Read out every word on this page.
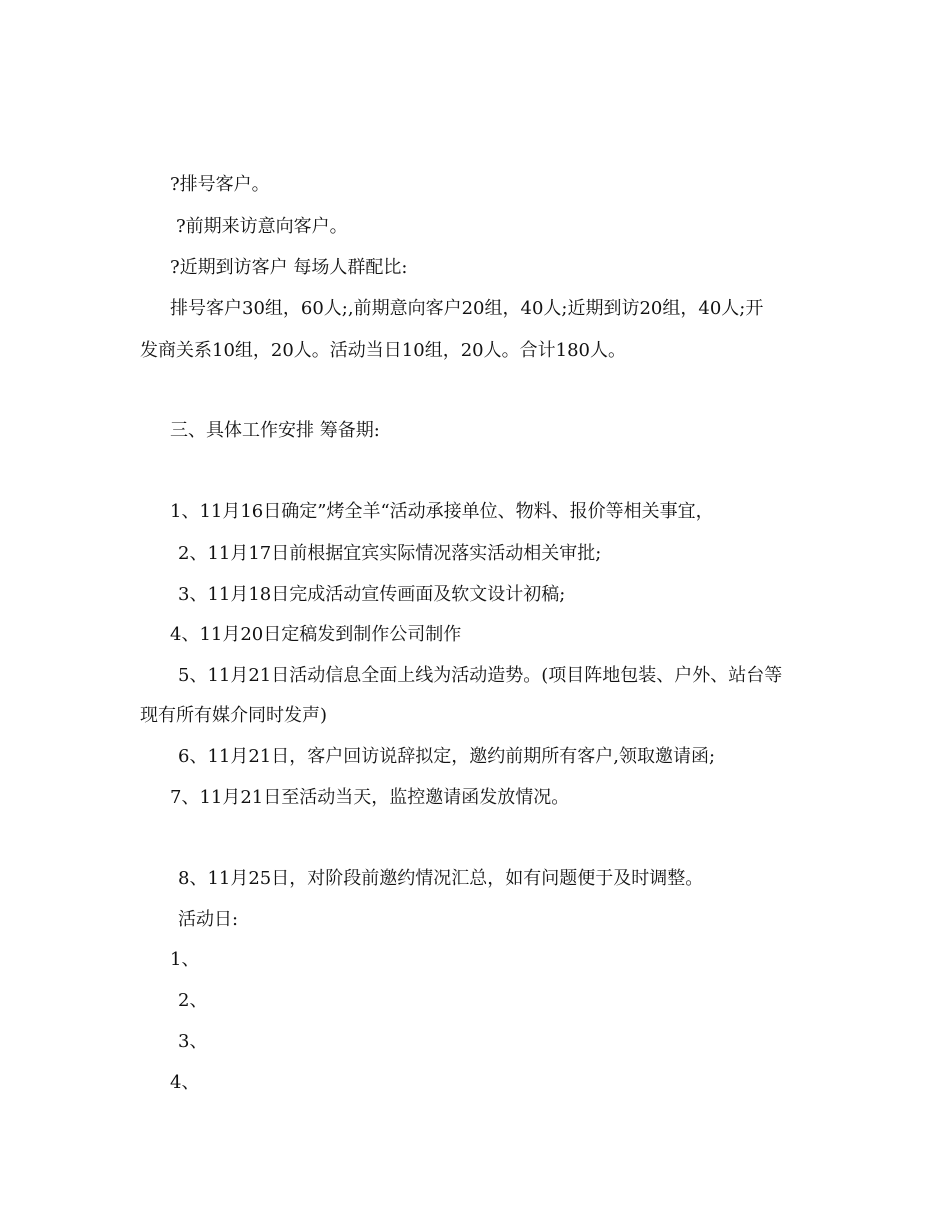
?排号客户。
?前期来访意向客户。
?近期到访客户 每场人群配比:
排号客户30组，60人;,前期意向客户20组，40人;近期到访20组，40人;开
发商关系10组，20人。活动当日10组，20人。合计180人。
三、具体工作安排 筹备期:
1、11月16日确定”烤全羊“活动承接单位、物料、报价等相关事宜，
2、11月17日前根据宜宾实际情况落实活动相关审批;
3、11月18日完成活动宣传画面及软文设计初稿;
4、11月20日定稿发到制作公司制作
5、11月21日活动信息全面上线为活动造势。(项目阵地包装、户外、站台等
现有所有媒介同时发声)
6、11月21日，客户回访说辞拟定，邀约前期所有客户,领取邀请函;
7、11月21日至活动当天，监控邀请函发放情况。
8、11月25日，对阶段前邀约情况汇总，如有问题便于及时调整。
活动日:
1、
2、
3、
4、
